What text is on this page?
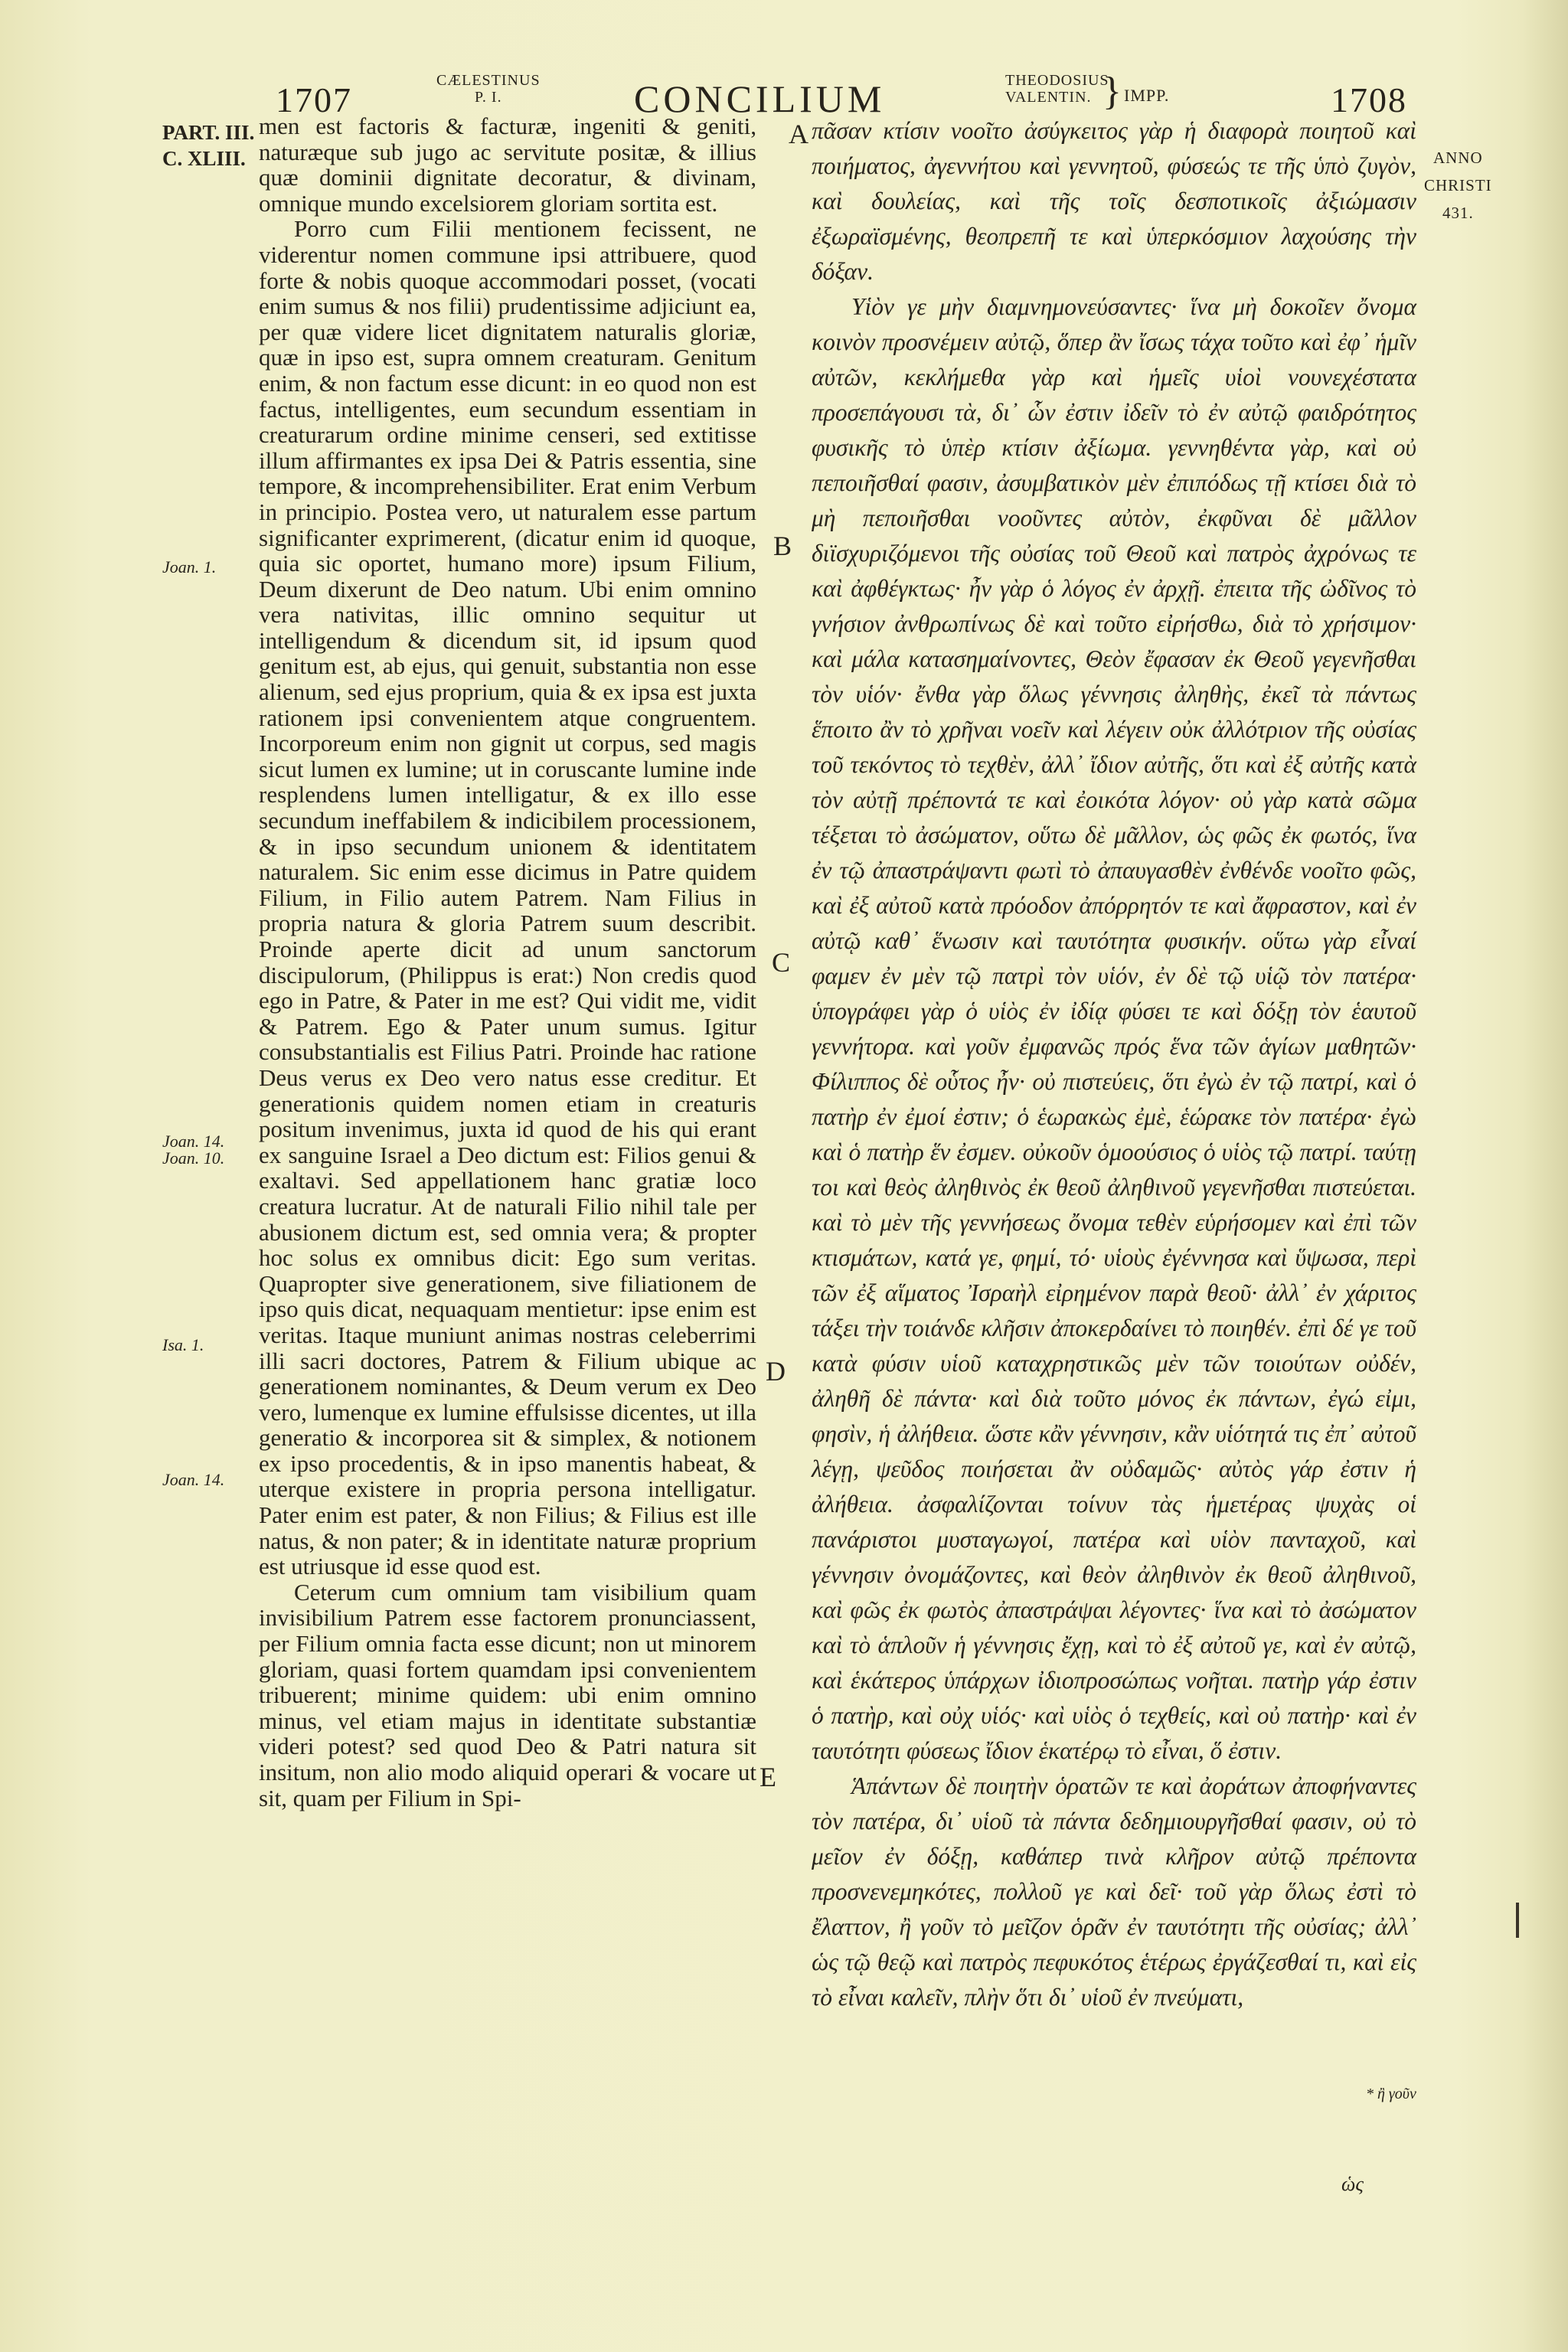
1707	CÆLESTINUS
P. I.	CONCILIUM	THEODOSIUS
VALENTIN. } IMPP.	1708
PART. III.
C. XLIII.	ANNO
CHRISTI
431.
Joan. 1.
Joan. 14.
Joan. 10.
Isa. 1.
Joan. 14.
A
B
C
D
E

men est factoris & facturæ, ingeniti & geniti, naturæque sub jugo ac servitute positæ, & illius quæ dominii dignitate decoratur, & divinam, omnique mundo excelsiorem gloriam sortita est.

Porro cum Filii mentionem fecissent, ne viderentur nomen commune ipsi attribuere, quod forte & nobis quoque accommodari posset, (vocati enim sumus & nos filii) prudentissime adjiciunt ea, per quæ videre licet dignitatem naturalis gloriæ, quæ in ipso est, supra omnem creaturam. Genitum enim, & non factum esse dicunt: in eo quod non est factus, intelligentes, eum secundum essentiam in creaturarum ordine minime censeri, sed extitisse illum affirmantes ex ipsa Dei & Patris essentia, sine tempore, & incomprehensibiliter. Erat enim Verbum in principio. Postea vero, ut naturalem esse partum significanter exprimerent, (dicatur enim id quoque, quia sic oportet, humano more) ipsum Filium, Deum dixerunt de Deo natum. Ubi enim omnino vera nativitas, illic omnino sequitur ut intelligendum & dicendum sit, id ipsum quod genitum est, ab ejus, qui genuit, substantia non esse alienum, sed ejus proprium, quia & ex ipsa est juxta rationem ipsi convenientem atque congruentem. Incorporeum enim non gignit ut corpus, sed magis sicut lumen ex lumine; ut in coruscante lumine inde resplendens lumen intelligatur, & ex illo esse secundum ineffabilem & indicibilem processionem, & in ipso secundum unionem & identitatem naturalem. Sic enim esse dicimus in Patre quidem Filium, in Filio autem Patrem. Nam Filius in propria natura & gloria Patrem suum describit. Proinde aperte dicit ad unum sanctorum discipulorum, (Philippus is erat:) Non credis quod ego in Patre, & Pater in me est? Qui vidit me, vidit & Patrem. Ego & Pater unum sumus. Igitur consubstantialis est Filius Patri. Proinde hac ratione Deus verus ex Deo vero natus esse creditur. Et generationis quidem nomen etiam in creaturis positum invenimus, juxta id quod de his qui erant ex sanguine Israel a Deo dictum est: Filios genui & exaltavi. Sed appellationem hanc gratiæ loco creatura lucratur. At de naturali Filio nihil tale per abusionem dictum est, sed omnia vera; & propter hoc solus ex omnibus dicit: Ego sum veritas. Quapropter sive generationem, sive filiationem de ipso quis dicat, nequaquam mentietur: ipse enim est veritas. Itaque muniunt animas nostras celeberrimi illi sacri doctores, Patrem & Filium ubique ac generationem nominantes, & Deum verum ex Deo vero, lumenque ex lumine effulsisse dicentes, ut illa generatio & incorporea sit & simplex, & notionem ex ipso procedentis, & in ipso manentis habeat, & uterque existere in propria persona intelligatur. Pater enim est pater, & non Filius; & Filius est ille natus, & non pater; & in identitate naturæ proprium est utriusque id esse quod est.

Ceterum cum omnium tam visibilium quam invisibilium Patrem esse factorem pronunciassent, per Filium omnia facta esse dicunt; non ut minorem gloriam, quasi fortem quamdam ipsi convenientem tribuerent; minime quidem: ubi enim omnino minus, vel etiam majus in identitate substantiæ videri potest? sed quod Deo & Patri natura sit insitum, non alio modo aliquid operari & vocare ut sit, quam per Filium in Spi-

πᾶσαν κτίσιν νοοῖτο ἀσύγκειτος γὰρ ἡ διαφορὰ ποιητοῦ καὶ ποιήματος, ἀγεννήτου καὶ γεννητοῦ, φύσεώς τε τῆς ὑπὸ ζυγὸν, καὶ δουλείας, καὶ τῆς τοῖς δεσποτικοῖς ἀξιώμασιν ἐξωραϊσμένης, θεοπρεπῆ τε καὶ ὑπερκόσμιον λαχούσης τὴν δόξαν.

Υἱὸν γε μὴν διαμνημονεύσαντες· ἵνα μὴ δοκοῖεν ὄνομα κοινὸν προσνέμειν αὐτῷ, ὅπερ ἂν ἴσως τάχα τοῦτο καὶ ἐφ᾽ ἡμῖν αὐτῶν, κεκλήμεθα γὰρ καὶ ἡμεῖς υἱοὶ νουνεχέστατα προσεπάγουσι τὰ, δι᾽ ὧν ἐστιν ἰδεῖν τὸ ἐν αὐτῷ φαιδρότητος φυσικῆς τὸ ὑπὲρ κτίσιν ἀξίωμα. γεννηθέντα γὰρ, καὶ οὐ πεποιῆσθαί φασιν, ἀσυμβατικὸν μὲν ἐπιπόδως τῇ κτίσει διὰ τὸ μὴ πεποιῆσθαι νοοῦντες αὐτὸν, ἐκφῦναι δὲ μᾶλλον διϊσχυριζόμενοι τῆς οὐσίας τοῦ Θεοῦ καὶ πατρὸς ἀχρόνως τε καὶ ἀφθέγκτως· ἦν γὰρ ὁ λόγος ἐν ἀρχῇ. ἐπειτα τῆς ὠδῖνος τὸ γνήσιον ἀνθρωπίνως δὲ καὶ τοῦτο εἰρήσθω, διὰ τὸ χρήσιμον· καὶ μάλα κατασημαίνοντες, Θεὸν ἔφασαν ἐκ Θεοῦ γεγενῆσθαι τὸν υἱόν· ἔνθα γὰρ ὅλως γέννησις ἀληθὴς, ἐκεῖ τὰ πάντως ἕποιτο ἂν τὸ χρῆναι νοεῖν καὶ λέγειν οὐκ ἀλλότριον τῆς οὐσίας τοῦ τεκόντος τὸ τεχθὲν, ἀλλ᾽ ἴδιον αὐτῆς, ὅτι καὶ ἐξ αὐτῆς κατὰ τὸν αὐτῇ πρέποντά τε καὶ ἐοικότα λόγον· οὐ γὰρ κατὰ σῶμα τέξεται τὸ ἀσώματον, οὕτω δὲ μᾶλλον, ὡς φῶς ἐκ φωτός, ἵνα ἐν τῷ ἀπαστράψαντι φωτὶ τὸ ἀπαυγασθὲν ἐνθένδε νοοῖτο φῶς, καὶ ἐξ αὐτοῦ κατὰ πρόοδον ἀπόρρητόν τε καὶ ἄφραστον, καὶ ἐν αὐτῷ καθ᾽ ἕνωσιν καὶ ταυτότητα φυσικήν. οὕτω γὰρ εἶναί φαμεν ἐν μὲν τῷ πατρὶ τὸν υἱόν, ἐν δὲ τῷ υἱῷ τὸν πατέρα· ὑπογράφει γὰρ ὁ υἱὸς ἐν ἰδίᾳ φύσει τε καὶ δόξῃ τὸν ἑαυτοῦ γεννήτορα. καὶ γοῦν ἐμφανῶς πρός ἕνα τῶν ἁγίων μαθητῶν· Φίλιππος δὲ οὗτος ἦν· οὐ πιστεύεις, ὅτι ἐγὼ ἐν τῷ πατρί, καὶ ὁ πατὴρ ἐν ἐμοί ἐστιν; ὁ ἑωρακὼς ἐμὲ, ἑώρακε τὸν πατέρα· ἐγὼ καὶ ὁ πατὴρ ἕν ἐσμεν. οὐκοῦν ὁμοούσιος ὁ υἱὸς τῷ πατρί. ταύτῃ τοι καὶ θεὸς ἀληθινὸς ἐκ θεοῦ ἀληθινοῦ γεγενῆσθαι πιστεύεται. καὶ τὸ μὲν τῆς γεννήσεως ὄνομα τεθὲν εὑρήσομεν καὶ ἐπὶ τῶν κτισμάτων, κατά γε, φημί, τό· υἱοὺς ἐγέννησα καὶ ὕψωσα, περὶ τῶν ἐξ αἵματος Ἰσραὴλ εἰρημένον παρὰ θεοῦ· ἀλλ᾽ ἐν χάριτος τάξει τὴν τοιάνδε κλῆσιν ἀποκερδαίνει τὸ ποιηθέν. ἐπὶ δέ γε τοῦ κατὰ φύσιν υἱοῦ καταχρηστικῶς μὲν τῶν τοιούτων οὐδέν, ἀληθῆ δὲ πάντα· καὶ διὰ τοῦτο μόνος ἐκ πάντων, ἐγώ εἰμι, φησὶν, ἡ ἀλήθεια. ὥστε κἂν γέννησιν, κἂν υἱότητά τις ἐπ᾽ αὐτοῦ λέγῃ, ψεῦδος ποιήσεται ἂν οὐδαμῶς· αὐτὸς γάρ ἐστιν ἡ ἀλήθεια. ἀσφαλίζονται τοίνυν τὰς ἡμετέρας ψυχὰς οἱ πανάριστοι μυσταγωγοί, πατέρα καὶ υἱὸν πανταχοῦ, καὶ γέννησιν ὀνομάζοντες, καὶ θεὸν ἀληθινὸν ἐκ θεοῦ ἀληθινοῦ, καὶ φῶς ἐκ φωτὸς ἀπαστράψαι λέγοντες· ἵνα καὶ τὸ ἀσώματον καὶ τὸ ἁπλοῦν ἡ γέννησις ἔχῃ, καὶ τὸ ἐξ αὐτοῦ γε, καὶ ἐν αὐτῷ, καὶ ἑκάτερος ὑπάρχων ἰδιοπροσώπως νοῆται. πατὴρ γάρ ἐστιν ὁ πατὴρ, καὶ οὐχ υἱός· καὶ υἱὸς ὁ τεχθείς, καὶ οὐ πατὴρ· καὶ ἐν ταυτότητι φύσεως ἴδιον ἑκατέρῳ τὸ εἶναι, ὅ ἐστιν.

Ἁπάντων δὲ ποιητὴν ὁρατῶν τε καὶ ἀοράτων ἀποφήναντες τὸν πατέρα, δι᾽ υἱοῦ τὰ πάντα δεδημιουργῆσθαί φασιν, οὐ τὸ μεῖον ἐν δόξῃ, καθάπερ τινὰ κλῆρον αὐτῷ πρέποντα προσνενεμηκότες, πολλοῦ γε καὶ δεῖ· τοῦ γὰρ ὅλως ἐστὶ τὸ ἔλαττον, ἢ γοῦν τὸ μεῖζον ὁρᾶν ἐν ταυτότητι τῆς οὐσίας; ἀλλ᾽ ὡς τῷ θεῷ καὶ πατρὸς πεφυκότος ἑτέρως ἐργάζεσθαί τι, καὶ εἰς τὸ εἶναι καλεῖν, πλὴν ὅτι δι᾽ υἱοῦ ἐν πνεύματι,

* ἢ γοῦν
ὡς
